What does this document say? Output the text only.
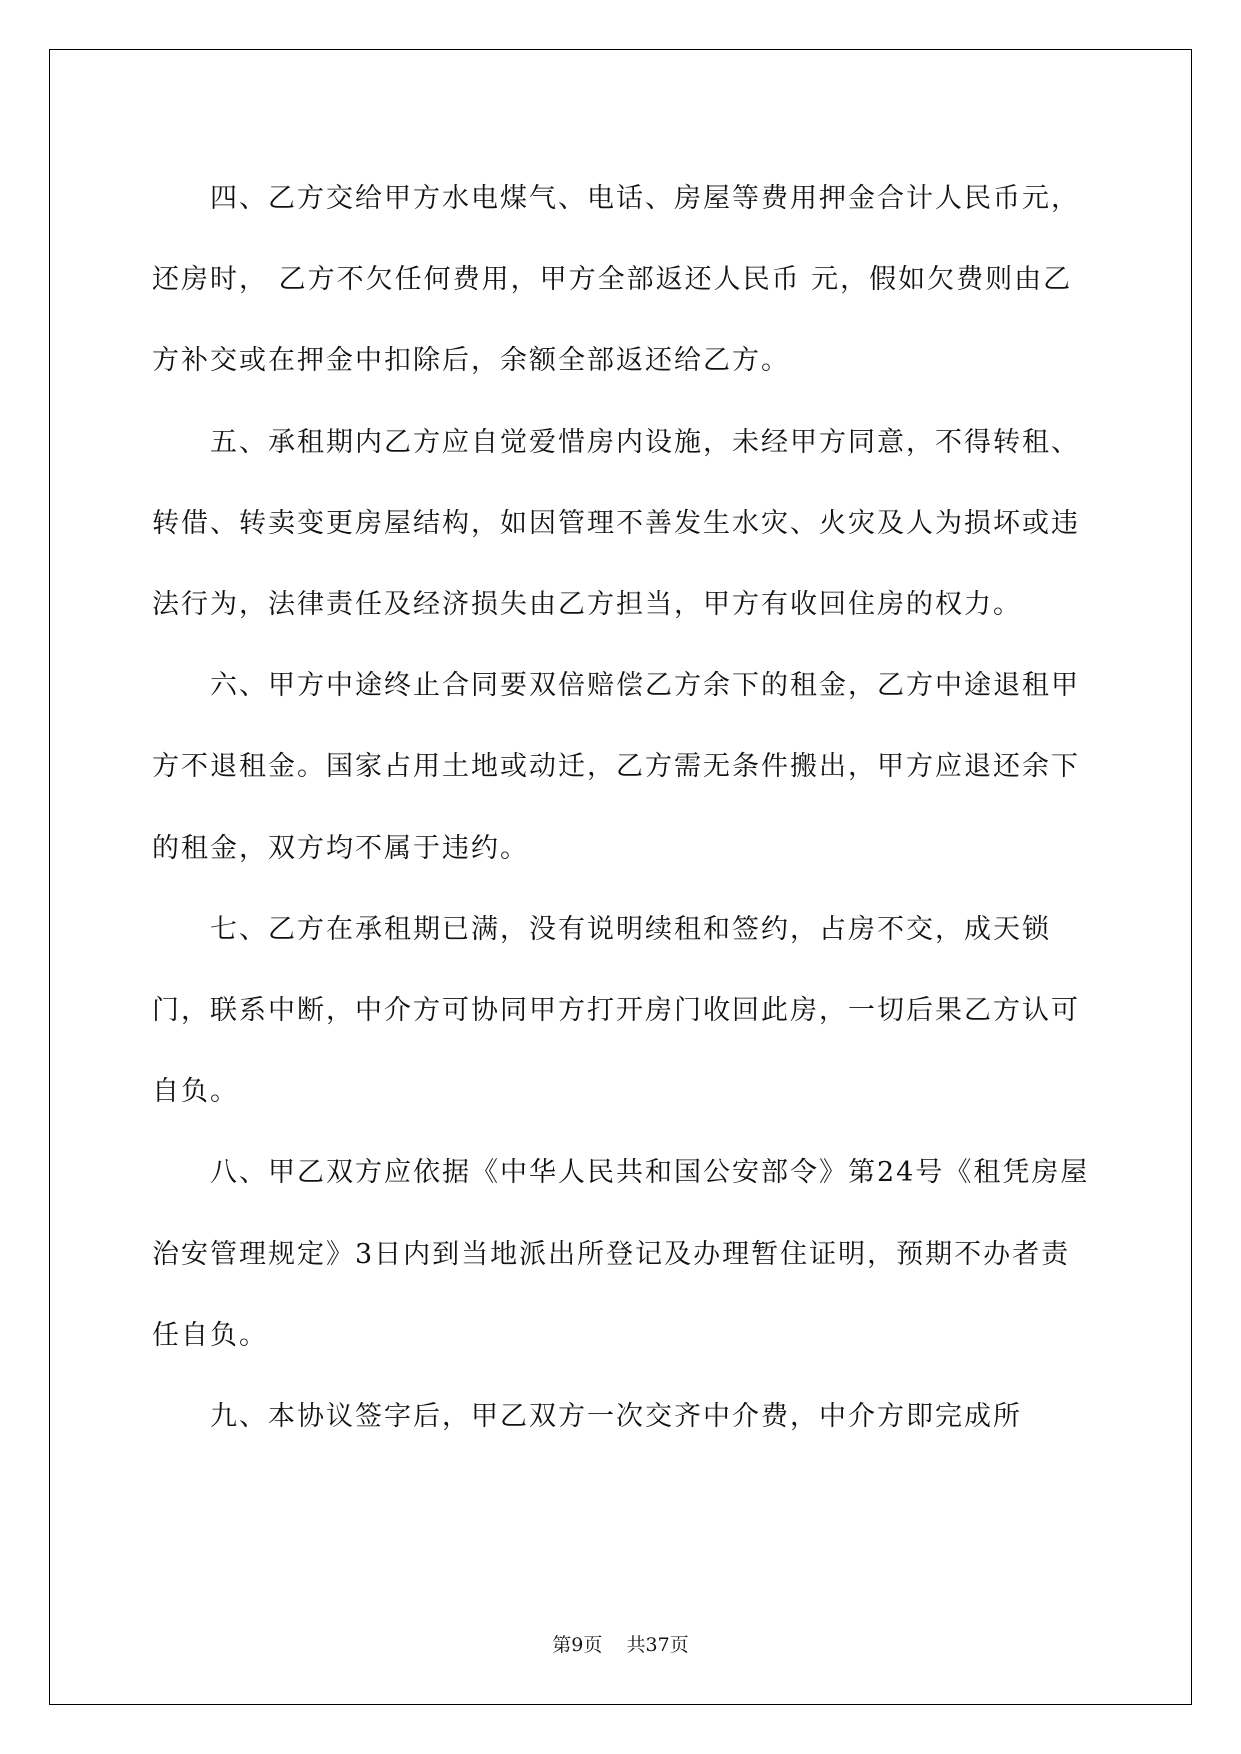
四、乙方交给甲方水电煤气、电话、房屋等费用押金合计人民币元，还房时， 乙方不欠任何费用，甲方全部返还人民币 元，假如欠费则由乙方补交或在押金中扣除后，余额全部返还给乙方。

五、承租期内乙方应自觉爱惜房内设施，未经甲方同意，不得转租、转借、转卖变更房屋结构，如因管理不善发生水灾、火灾及人为损坏或违法行为，法律责任及经济损失由乙方担当，甲方有收回住房的权力。

六、甲方中途终止合同要双倍赔偿乙方余下的租金，乙方中途退租甲方不退租金。国家占用土地或动迁，乙方需无条件搬出，甲方应退还余下的租金，双方均不属于违约。

七、乙方在承租期已满，没有说明续租和签约，占房不交，成天锁门，联系中断，中介方可协同甲方打开房门收回此房，一切后果乙方认可自负。

八、甲乙双方应依据《中华人民共和国公安部令》第24号《租凭房屋治安管理规定》3日内到当地派出所登记及办理暂住证明，预期不办者责任自负。

九、本协议签字后，甲乙双方一次交齐中介费，中介方即完成所

第9页 共37页
